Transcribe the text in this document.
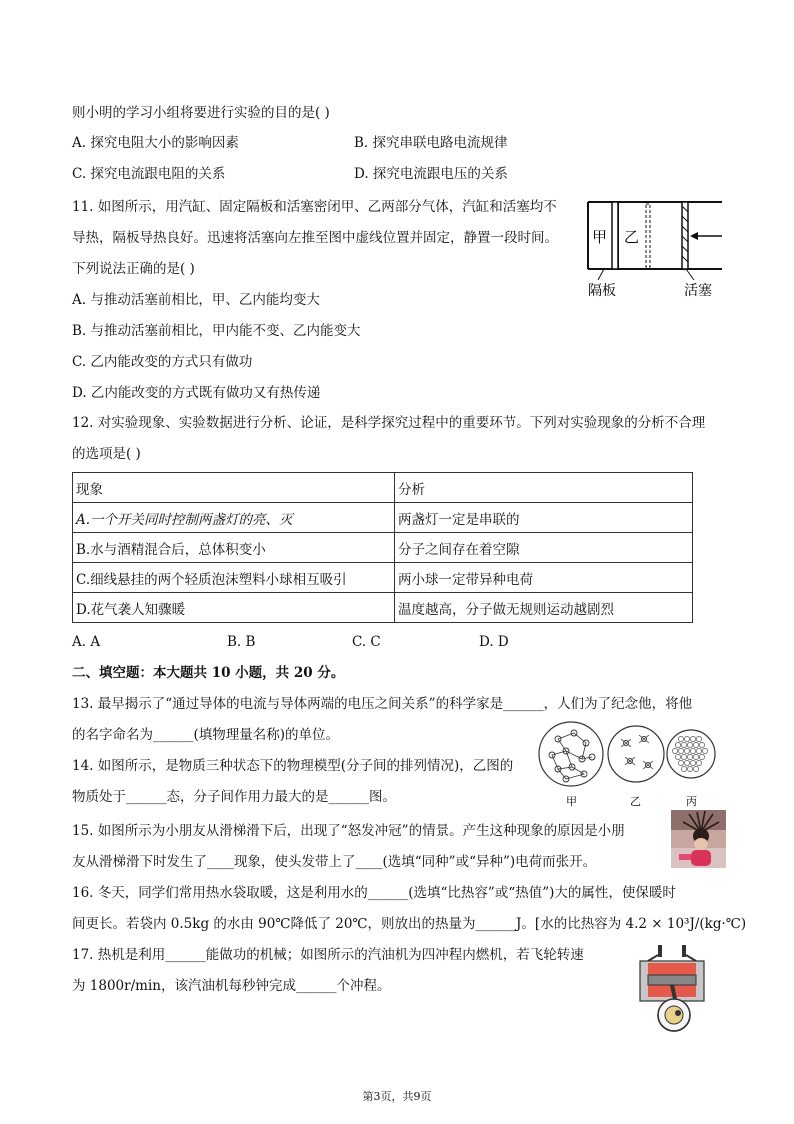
则小明的学习小组将要进行实验的目的是( )
A. 探究电阻大小的影响因素	B. 探究串联电路电流规律
C. 探究电流跟电阻的关系	D. 探究电流跟电压的关系
11. 如图所示，用汽缸、固定隔板和活塞密闭甲、乙两部分气体，汽缸和活塞均不
导热，隔板导热良好。迅速将活塞向左推至图中虚线位置并固定，静置一段时间。
下列说法正确的是( )
A. 与推动活塞前相比，甲、乙内能均变大
B. 与推动活塞前相比，甲内能不变、乙内能变大
C. 乙内能改变的方式只有做功
D. 乙内能改变的方式既有做功又有热传递
甲 乙
隔板	活塞
12. 对实验现象、实验数据进行分析、论证，是科学探究过程中的重要环节。下列对实验现象的分析不合理
的选项是( )
现象	分析
A.一个开关同时控制两盏灯的亮、灭	两盏灯一定是串联的
B.水与酒精混合后，总体积变小	分子之间存在着空隙
C.细线悬挂的两个轻质泡沫塑料小球相互吸引	两小球一定带异种电荷
D.花气袭人知骤暖	温度越高，分子做无规则运动越剧烈
A. A	B. B	C. C	D. D
二、填空题：本大题共 10 小题，共 20 分。
13. 最早揭示了“通过导体的电流与导体两端的电压之间关系”的科学家是______，人们为了纪念他，将他
的名字命名为______(填物理量名称)的单位。
14. 如图所示，是物质三种状态下的物理模型(分子间的排列情况)，乙图的
物质处于______态，分子间作用力最大的是______图。	甲	乙	丙
15. 如图所示为小朋友从滑梯滑下后，出现了“怒发冲冠”的情景。产生这种现象的原因是小朋
友从滑梯滑下时发生了____现象，使头发带上了____(选填“同种”或“异种”)电荷而张开。
16. 冬天，同学们常用热水袋取暖，这是利用水的______(选填“比热容”或“热值”)大的属性，使保暖时
间更长。若袋内 0.5kg 的水由 90℃降低了 20℃，则放出的热量为______J。[水的比热容为 4.2 × 10³J/(kg·℃)
17. 热机是利用______能做功的机械；如图所示的汽油机为四冲程内燃机，若飞轮转速
为 1800r/min，该汽油机每秒钟完成______个冲程。
第3页，共9页
